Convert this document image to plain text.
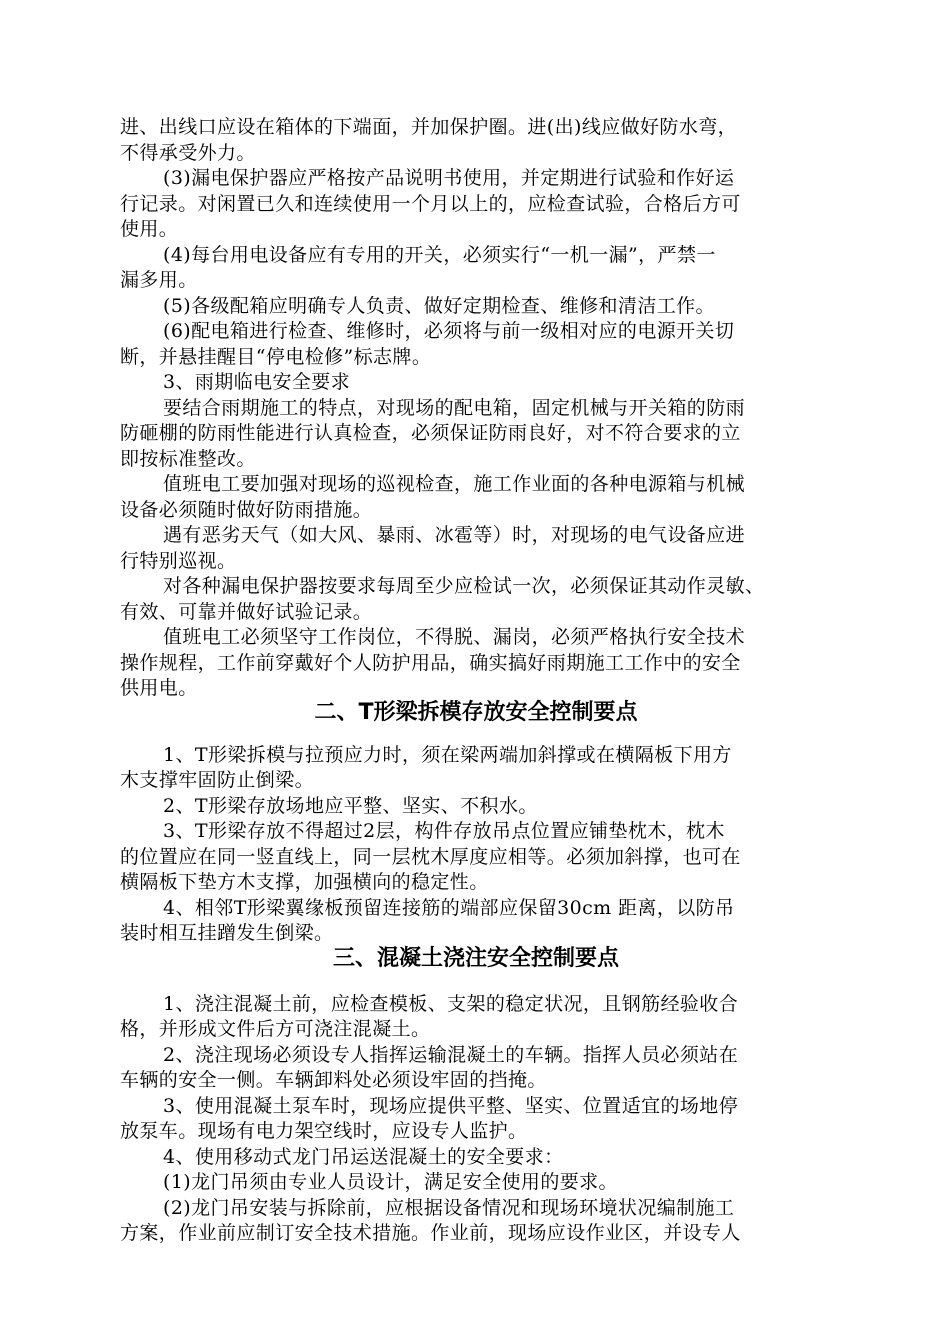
进、出线口应设在箱体的下端面，并加保护圈。进(出)线应做好防水弯，
不得承受外力。
(3)漏电保护器应严格按产品说明书使用，并定期进行试验和作好运
行记录。对闲置已久和连续使用一个月以上的，应检查试验，合格后方可
使用。
(4)每台用电设备应有专用的开关，必须实行“一机一漏”，严禁一
漏多用。
(5)各级配箱应明确专人负责、做好定期检查、维修和清洁工作。
(6)配电箱进行检查、维修时，必须将与前一级相对应的电源开关切
断，并悬挂醒目“停电检修”标志牌。
3、雨期临电安全要求
要结合雨期施工的特点，对现场的配电箱，固定机械与开关箱的防雨
防砸棚的防雨性能进行认真检查，必须保证防雨良好，对不符合要求的立
即按标准整改。
值班电工要加强对现场的巡视检查，施工作业面的各种电源箱与机械
设备必须随时做好防雨措施。
遇有恶劣天气（如大风、暴雨、冰雹等）时，对现场的电气设备应进
行特别巡视。
对各种漏电保护器按要求每周至少应检试一次，必须保证其动作灵敏、
有效、可靠并做好试验记录。
值班电工必须坚守工作岗位，不得脱、漏岗，必须严格执行安全技术
操作规程，工作前穿戴好个人防护用品，确实搞好雨期施工工作中的安全
供用电。
二、T形梁拆模存放安全控制要点
1、T形梁拆模与拉预应力时，须在梁两端加斜撑或在横隔板下用方
木支撑牢固防止倒梁。
2、T形梁存放场地应平整、坚实、不积水。
3、T形梁存放不得超过2层，构件存放吊点位置应铺垫枕木，枕木
的位置应在同一竖直线上，同一层枕木厚度应相等。必须加斜撑，也可在
横隔板下垫方木支撑，加强横向的稳定性。
4、相邻T形梁翼缘板预留连接筋的端部应保留30cm 距离，以防吊
装时相互挂蹭发生倒梁。
三、混凝土浇注安全控制要点
1、浇注混凝土前，应检查模板、支架的稳定状况，且钢筋经验收合
格，并形成文件后方可浇注混凝土。
2、浇注现场必须设专人指挥运输混凝土的车辆。指挥人员必须站在
车辆的安全一侧。车辆卸料处必须设牢固的挡掩。
3、使用混凝土泵车时，现场应提供平整、坚实、位置适宜的场地停
放泵车。现场有电力架空线时，应设专人监护。
4、使用移动式龙门吊运送混凝土的安全要求：
(1)龙门吊须由专业人员设计，满足安全使用的要求。
(2)龙门吊安装与拆除前，应根据设备情况和现场环境状况编制施工
方案，作业前应制订安全技术措施。作业前，现场应设作业区，并设专人
